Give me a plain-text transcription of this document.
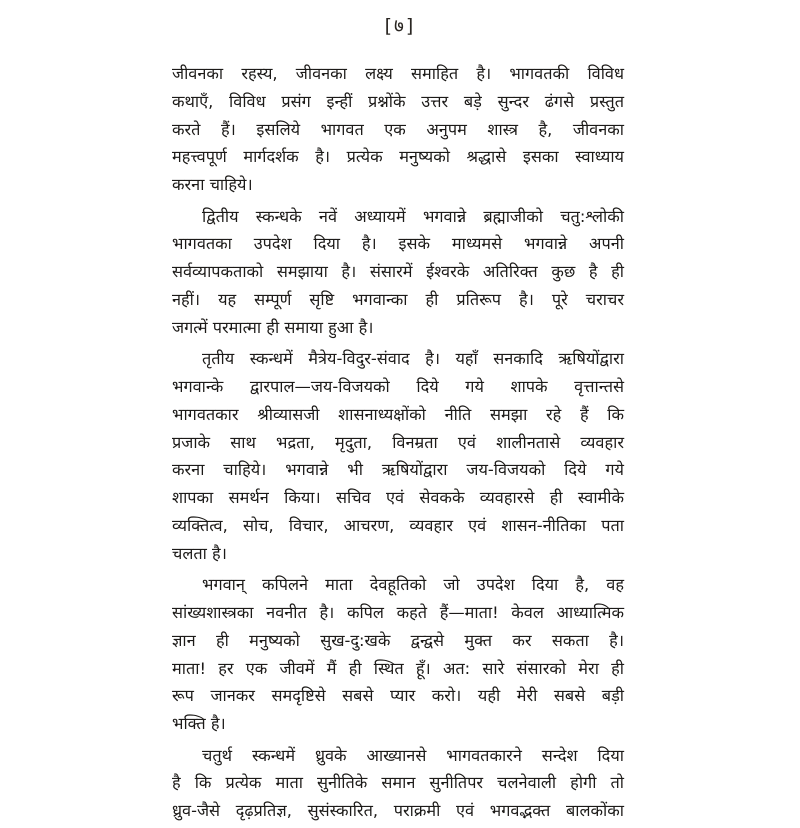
[७]

जीवनका रहस्य, जीवनका लक्ष्य समाहित है। भागवतकी विविध
कथाएँ, विविध प्रसंग इन्हीं प्रश्नोंके उत्तर बड़े सुन्दर ढंगसे प्रस्तुत
करते हैं। इसलिये भागवत एक अनुपम शास्त्र है, जीवनका
महत्त्वपूर्ण मार्गदर्शक है। प्रत्येक मनुष्यको श्रद्धासे इसका स्वाध्याय
करना चाहिये।

द्वितीय स्कन्धके नवें अध्यायमें भगवान्ने ब्रह्माजीको चतु:श्लोकी
भागवतका उपदेश दिया है। इसके माध्यमसे भगवान्ने अपनी
सर्वव्यापकताको समझाया है। संसारमें ईश्वरके अतिरिक्त कुछ है ही
नहीं। यह सम्पूर्ण सृष्टि भगवान्का ही प्रतिरूप है। पूरे चराचर
जगत्में परमात्मा ही समाया हुआ है।

तृतीय स्कन्धमें मैत्रेय-विदुर-संवाद है। यहाँ सनकादि ऋषियोंद्वारा
भगवान्के द्वारपाल—जय-विजयको दिये गये शापके वृत्तान्तसे
भागवतकार श्रीव्यासजी शासनाध्यक्षोंको नीति समझा रहे हैं कि
प्रजाके साथ भद्रता, मृदुता, विनम्रता एवं शालीनतासे व्यवहार
करना चाहिये। भगवान्ने भी ऋषियोंद्वारा जय-विजयको दिये गये
शापका समर्थन किया। सचिव एवं सेवकके व्यवहारसे ही स्वामीके
व्यक्तित्व, सोच, विचार, आचरण, व्यवहार एवं शासन-नीतिका पता
चलता है।

भगवान् कपिलने माता देवहूतिको जो उपदेश दिया है, वह
सांख्यशास्त्रका नवनीत है। कपिल कहते हैं—माता! केवल आध्यात्मिक
ज्ञान ही मनुष्यको सुख-दु:खके द्वन्द्वसे मुक्त कर सकता है।
माता! हर एक जीवमें मैं ही स्थित हूँ। अत: सारे संसारको मेरा ही
रूप जानकर समदृष्टिसे सबसे प्यार करो। यही मेरी सबसे बड़ी
भक्ति है।

चतुर्थ स्कन्धमें ध्रुवके आख्यानसे भागवतकारने सन्देश दिया
है कि प्रत्येक माता सुनीतिके समान सुनीतिपर चलनेवाली होगी तो
ध्रुव-जैसे दृढ़प्रतिज्ञ, सुसंस्कारित, पराक्रमी एवं भगवद्भक्त बालकोंका
